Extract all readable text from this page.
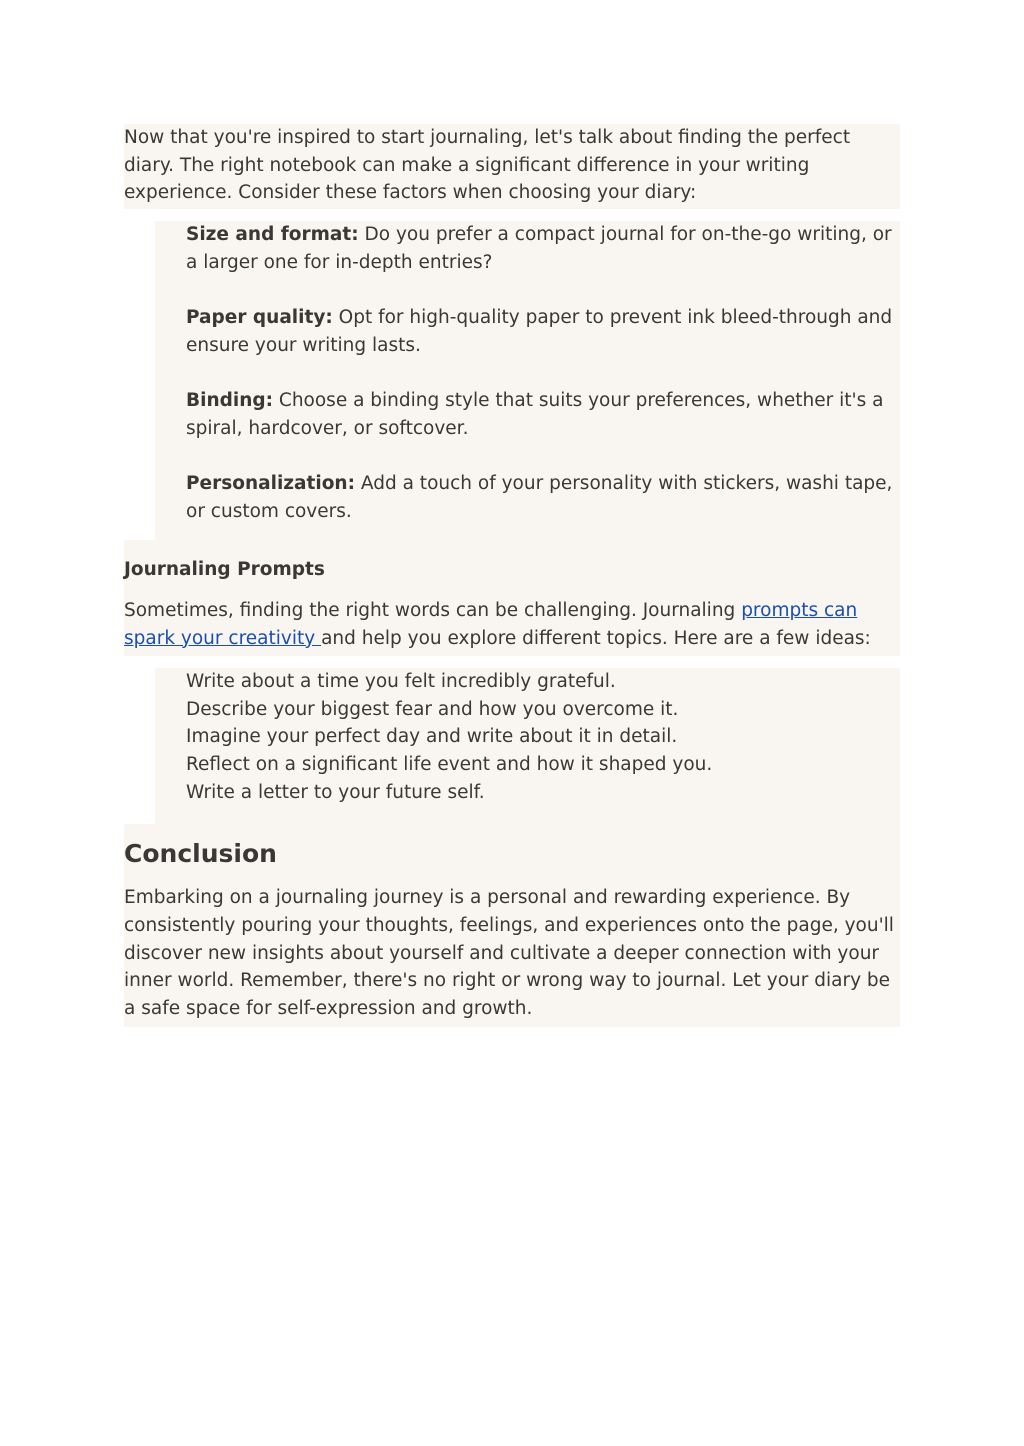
Now that you're inspired to start journaling, let's talk about finding the perfect diary. The right notebook can make a significant difference in your writing experience. Consider these factors when choosing your diary:

Size and format: Do you prefer a compact journal for on-the-go writing, or a larger one for in-depth entries?

Paper quality: Opt for high-quality paper to prevent ink bleed-through and ensure your writing lasts.

Binding: Choose a binding style that suits your preferences, whether it's a spiral, hardcover, or softcover.

Personalization: Add a touch of your personality with stickers, washi tape, or custom covers.

Journaling Prompts

Sometimes, finding the right words can be challenging. Journaling prompts can spark your creativity and help you explore different topics. Here are a few ideas:

Write about a time you felt incredibly grateful.

Describe your biggest fear and how you overcome it.

Imagine your perfect day and write about it in detail.

Reflect on a significant life event and how it shaped you.

Write a letter to your future self.

Conclusion

Embarking on a journaling journey is a personal and rewarding experience. By consistently pouring your thoughts, feelings, and experiences onto the page, you'll discover new insights about yourself and cultivate a deeper connection with your inner world. Remember, there's no right or wrong way to journal. Let your diary be a safe space for self-expression and growth.
